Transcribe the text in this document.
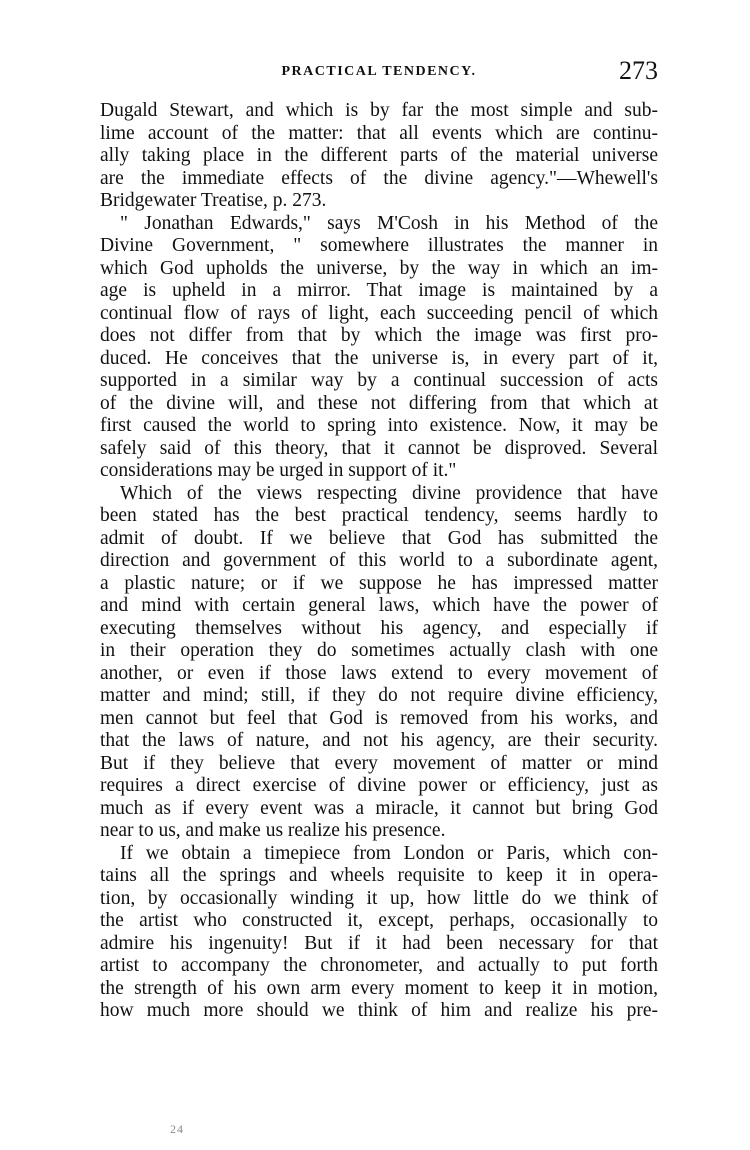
PRACTICAL TENDENCY.	273
Dugald Stewart, and which is by far the most simple and sub-
lime account of the matter: that all events which are continu-
ally taking place in the different parts of the material universe
are the immediate effects of the divine agency."—Whewell's
Bridgewater Treatise, p. 273.
" Jonathan Edwards," says M'Cosh in his Method of the
Divine Government, " somewhere illustrates the manner in
which God upholds the universe, by the way in which an im-
age is upheld in a mirror. That image is maintained by a
continual flow of rays of light, each succeeding pencil of which
does not differ from that by which the image was first pro-
duced. He conceives that the universe is, in every part of it,
supported in a similar way by a continual succession of acts
of the divine will, and these not differing from that which at
first caused the world to spring into existence. Now, it may be
safely said of this theory, that it cannot be disproved. Several
considerations may be urged in support of it."
Which of the views respecting divine providence that have
been stated has the best practical tendency, seems hardly to
admit of doubt. If we believe that God has submitted the
direction and government of this world to a subordinate agent,
a plastic nature; or if we suppose he has impressed matter
and mind with certain general laws, which have the power of
executing themselves without his agency, and especially if
in their operation they do sometimes actually clash with one
another, or even if those laws extend to every movement of
matter and mind; still, if they do not require divine efficiency,
men cannot but feel that God is removed from his works, and
that the laws of nature, and not his agency, are their security.
But if they believe that every movement of matter or mind
requires a direct exercise of divine power or efficiency, just as
much as if every event was a miracle, it cannot but bring God
near to us, and make us realize his presence.
If we obtain a timepiece from London or Paris, which con-
tains all the springs and wheels requisite to keep it in opera-
tion, by occasionally winding it up, how little do we think of
the artist who constructed it, except, perhaps, occasionally to
admire his ingenuity! But if it had been necessary for that
artist to accompany the chronometer, and actually to put forth
the strength of his own arm every moment to keep it in motion,
how much more should we think of him and realize his pre-
24
